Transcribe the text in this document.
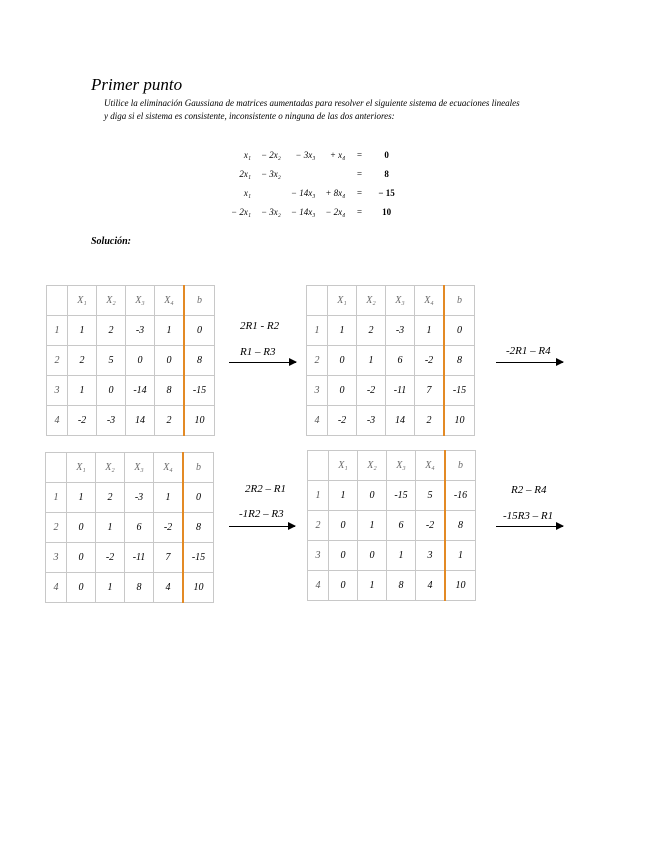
Primer punto
Utilice la eliminación Gaussiana de matrices aumentadas para resolver el siguiente sistema de ecuaciones lineales y diga si el sistema es consistente, inconsistente o ninguna de las dos anteriores:
x₁	− 2x₂	− 3x₃	+ x₄	=	0
2x₁	− 3x₂			=	8
x₁		− 14x₃	+ 8x₄	=	− 15
− 2x₁	− 3x₂	− 14x₃	− 2x₄	=	10
Solución:
	X₁	X₂	X₃	X₄	b
1	1	2	-3	1	0
2	2	5	0	0	8
3	1	0	-14	8	-15
4	-2	-3	14	2	10
2R1 - R2
R1 – R3
	X₁	X₂	X₃	X₄	b
1	1	2	-3	1	0
2	0	1	6	-2	8
3	0	-2	-11	7	-15
4	-2	-3	14	2	10
-2R1 – R4
	X₁	X₂	X₃	X₄	b
1	1	2	-3	1	0
2	0	1	6	-2	8
3	0	-2	-11	7	-15
4	0	1	8	4	10
2R2 – R1
-1R2 – R3
	X₁	X₂	X₃	X₄	b
1	1	0	-15	5	-16
2	0	1	6	-2	8
3	0	0	1	3	1
4	0	1	8	4	10
R2 – R4
-15R3 – R1
